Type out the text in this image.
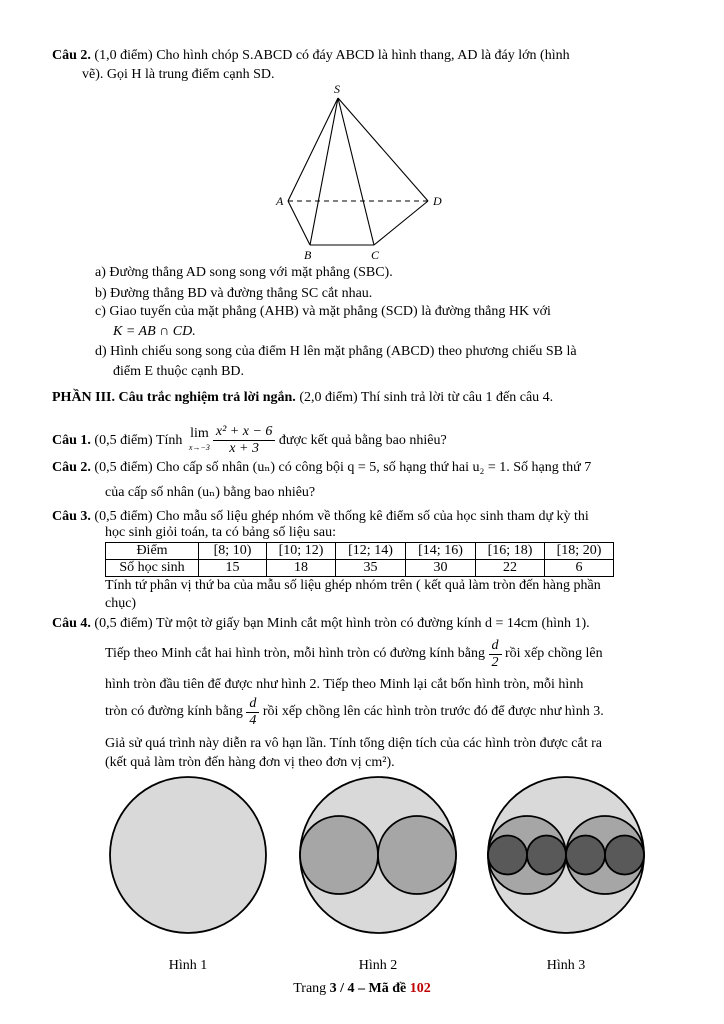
Câu 2. (1,0 điểm) Cho hình chóp S.ABCD có đáy ABCD là hình thang, AD là đáy lớn (hình
vẽ). Gọi H là trung điểm cạnh SD.
S
A
B	C
D
a) Đường thẳng AD song song với mặt phẳng (SBC).
b) Đường thẳng BD và đường thẳng SC cắt nhau.
c) Giao tuyến của mặt phẳng (AHB) và mặt phẳng (SCD) là đường thẳng HK với
K = AB ∩ CD.
d) Hình chiếu song song của điểm H lên mặt phẳng (ABCD) theo phương chiếu SB là
điểm E thuộc cạnh BD.
PHẦN III. Câu trắc nghiệm trả lời ngắn. (2,0 điểm) Thí sinh trả lời từ câu 1 đến câu 4.
Câu 1.
(0,5 điểm) Tính
lim
$x\to-3 \frac{\text{x² + x − 6}}{x + 3}$
được kết quả bằng bao nhiêu?
Câu 2. (0,5 điểm) Cho cấp số nhân (uₙ) có công bội q = 5, số hạng thứ hai u₂ = 1. Số hạng thứ 7
của cấp số nhân (uₙ) bằng bao nhiêu?
Câu 3. (0,5 điểm) Cho mẫu số liệu ghép nhóm về thống kê điểm số của học sinh tham dự kỳ thi
học sinh giỏi toán, ta có bảng số liệu sau:
Điểm	[8; 10)	[10; 12)	[12; 14)	[14; 16)	[16; 18)	[18; 20)
Số học sinh	15	18	35	30	22	6
Tính tứ phân vị thứ ba của mẫu số liệu ghép nhóm trên ( kết quả làm tròn đến hàng phần
chục)
Câu 4. (0,5 điểm) Từ một tờ giấy bạn Minh cắt một hình tròn có đường kính d = 14cm (hình 1).
Tiếp theo Minh cắt hai hình tròn, mỗi hình tròn có đường kính bằng
$\frac{d}{2}$
rồi xếp chồng lên
hình tròn đầu tiên để được như hình 2. Tiếp theo Minh lại cắt bốn hình tròn, mỗi hình
tròn có đường kính bằng
$\frac{d}{4}$
rồi xếp chồng lên các hình tròn trước đó để được như hình 3.
Giả sử quá trình này diễn ra vô hạn lần. Tính tổng diện tích của các hình tròn được cắt ra
(kết quả làm tròn đến hàng đơn vị theo đơn vị cm²).
Hình 1	Hình 2	Hình 3
Trang 3 / 4 – Mã đề 102
